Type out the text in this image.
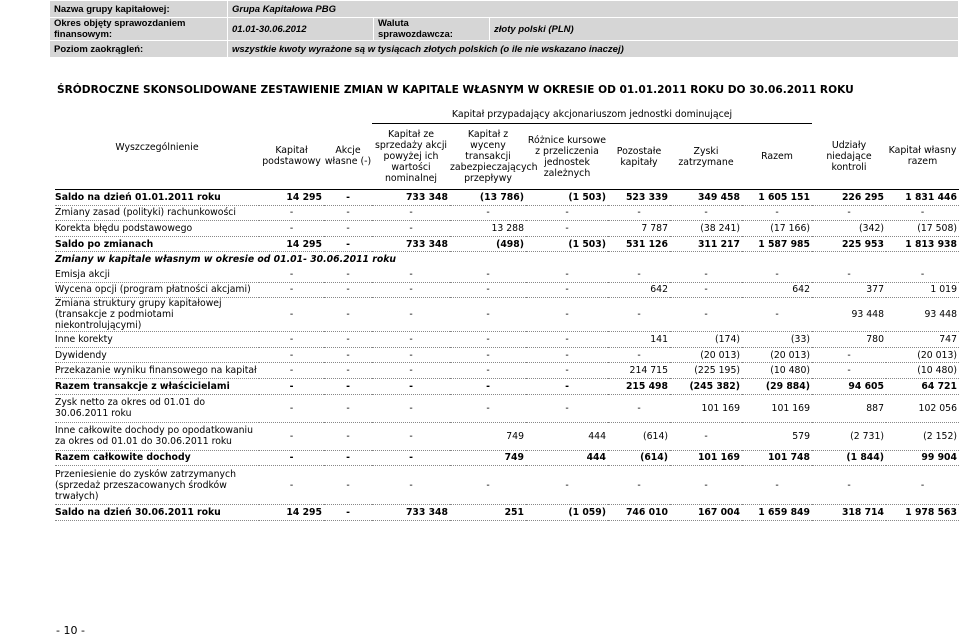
Nazwa grupy kapitałowej:	Grupa Kapitałowa PBG		
Okres objęty sprawozdaniem finansowym:	01.01-30.06.2012	Waluta sprawozdawcza:	złoty polski (PLN)
Poziom zaokrągleń:	wszystkie kwoty wyrażone są w tysiącach złotych polskich (o ile nie wskazano inaczej)		
ŚRÓDROCZNE SKONSOLIDOWANE ZESTAWIENIE ZMIAN W KAPITALE WŁASNYM W OKRESIE OD 01.01.2011 ROKU DO 30.06.2011 ROKU
Wyszczególnienie			Kapitał przypadający akcjonariuszom jednostki dominującej							
	Kapitał podstawowy	Akcje własne (-)	Kapitał ze sprzedaży akcji powyżej ich wartości nominalnej	Kapitał z wyceny transakcji zabezpieczających przepływy	Różnice kursowe z przeliczenia jednostek zależnych	Pozostałe kapitały	Zyski zatrzymane	Razem	Udziały niedające kontroli	Kapitał własny razem
Saldo na dzień 01.01.2011 roku	14 295	-	733 348	(13 786)	(1 503)	523 339	349 458	1 605 151	226 295	1 831 446
Zmiany zasad (polityki) rachunkowości	-	-	-	-	-	-	-	-	-	-
Korekta błędu podstawowego	-	-	-	13 288	-	7 787	(38 241)	(17 166)	(342)	(17 508)
Saldo po zmianach	14 295	-	733 348	(498)	(1 503)	531 126	311 217	1 587 985	225 953	1 813 938
Zmiany w kapitale własnym w okresie od 01.01- 30.06.2011 roku										
Emisja akcji	-	-	-	-	-	-	-	-	-	-
Wycena opcji (program płatności akcjami)	-	-	-	-	-	642	-	642	377	1 019
Zmiana struktury grupy kapitałowej (transakcje z podmiotami niekontrolującymi)	-	-	-	-	-	-	-	-	93 448	93 448
Inne korekty	-	-	-	-	-	141	(174)	(33)	780	747
Dywidendy	-	-	-	-	-	-	(20 013)	(20 013)	-	(20 013)
Przekazanie wyniku finansowego na kapitał	-	-	-	-	-	214 715	(225 195)	(10 480)	-	(10 480)
Razem transakcje z właścicielami	-	-	-	-	-	215 498	(245 382)	(29 884)	94 605	64 721
Zysk netto za okres od 01.01 do 30.06.2011 roku	-	-	-	-	-	-	101 169	101 169	887	102 056
Inne całkowite dochody po opodatkowaniu za okres od 01.01 do 30.06.2011 roku	-	-	-	749	444	(614)	-	579	(2 731)	(2 152)
Razem całkowite dochody	-	-	-	749	444	(614)	101 169	101 748	(1 844)	99 904
Przeniesienie do zysków zatrzymanych (sprzedaż przeszacowanych środków trwałych)	-	-	-	-	-	-	-	-	-	-
Saldo na dzień 30.06.2011 roku	14 295	-	733 348	251	(1 059)	746 010	167 004	1 659 849	318 714	1 978 563
- 10 -
